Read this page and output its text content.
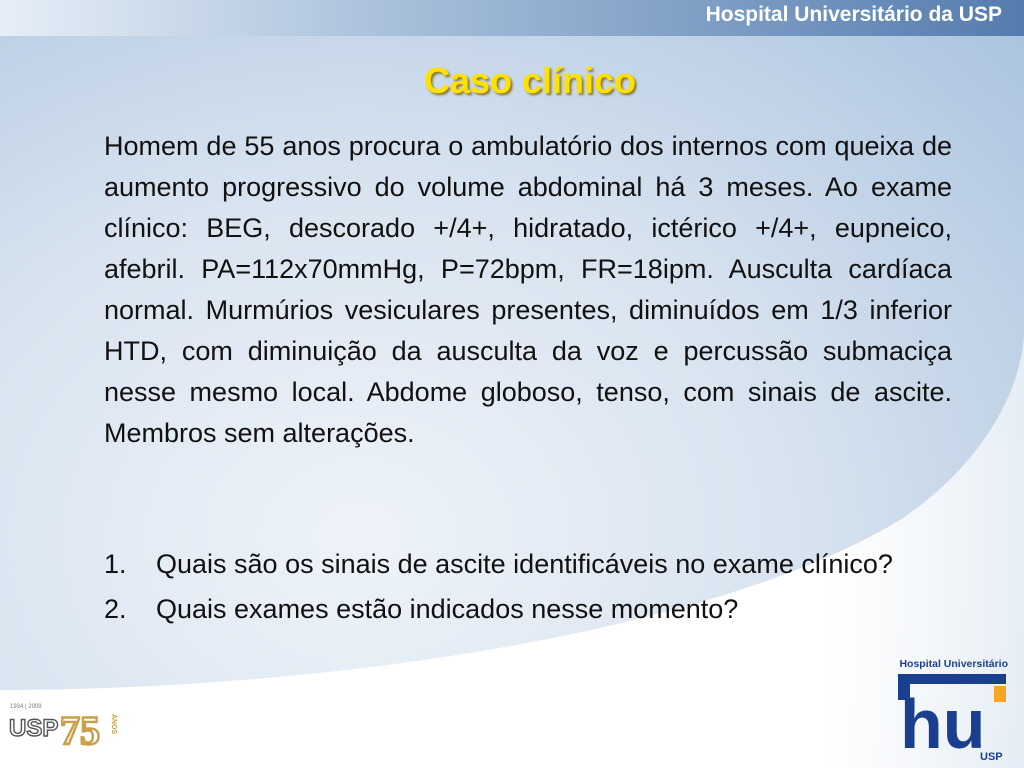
Hospital Universitário da USP
Caso clínico

Homem de 55 anos procura o ambulatório dos internos com queixa de aumento progressivo do volume abdominal há 3 meses. Ao exame clínico: BEG, descorado +/4+, hidratado, ictérico +/4+, eupneico, afebril. PA=112x70mmHg, P=72bpm, FR=18ipm. Ausculta cardíaca normal. Murmúrios vesiculares presentes, diminuídos em 1/3 inferior HTD, com diminuição da ausculta da voz e percussão submaciça nesse mesmo local. Abdome globoso, tenso, com sinais de ascite. Membros sem alterações.

1. Quais são os sinais de ascite identificáveis no exame clínico?
2. Quais exames estão indicados nesse momento?
1934 | 2009
USP 75 ANOS
Hospital Universitário
hu
USP
